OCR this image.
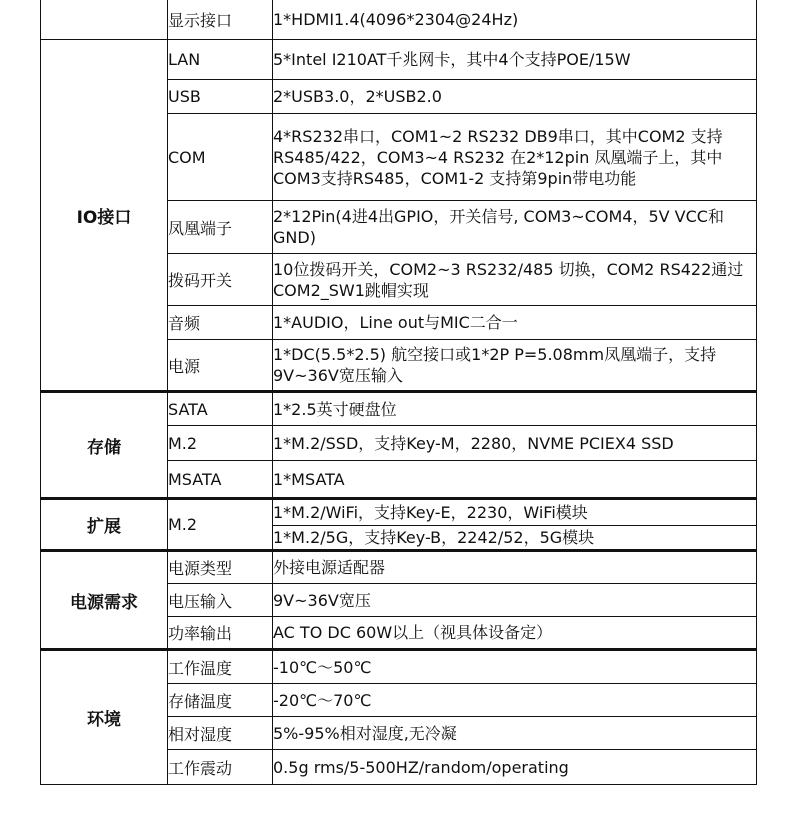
	显示接口	1*HDMI1.4(4096*2304@24Hz)
IO接口	LAN	5*Intel I210AT千兆网卡，其中4个支持POE/15W
	USB	2*USB3.0，2*USB2.0
	COM	4*RS232串口，COM1~2 RS232 DB9串口，其中COM2 支持RS485/422，COM3~4 RS232 在2*12pin 凤凰端子上，其中COM3支持RS485，COM1-2 支持第9pin带电功能
	凤凰端子	2*12Pin(4进4出GPIO，开关信号, COM3~COM4，5V VCC和GND)
	拨码开关	10位拨码开关，COM2~3 RS232/485 切换，COM2 RS422通过COM2_SW1跳帽实现
	音频	1*AUDIO，Line out与MIC二合一
	电源	1*DC(5.5*2.5) 航空接口或1*2P P=5.08mm凤凰端子，支持9V~36V宽压输入
存储	SATA	1*2.5英寸硬盘位
	M.2	1*M.2/SSD，支持Key-M，2280，NVME PCIEX4 SSD
	MSATA	1*MSATA
扩展	M.2	1*M.2/WiFi，支持Key-E，2230，WiFi模块
		1*M.2/5G，支持Key-B，2242/52，5G模块
电源需求	电源类型	外接电源适配器
	电压输入	9V~36V宽压
	功率输出	AC TO DC 60W以上（视具体设备定）
环境	工作温度	-10℃～50℃
	存储温度	-20℃～70℃
	相对湿度	5%-95%相对湿度,无冷凝
	工作震动	0.5g rms/5-500HZ/random/operating
